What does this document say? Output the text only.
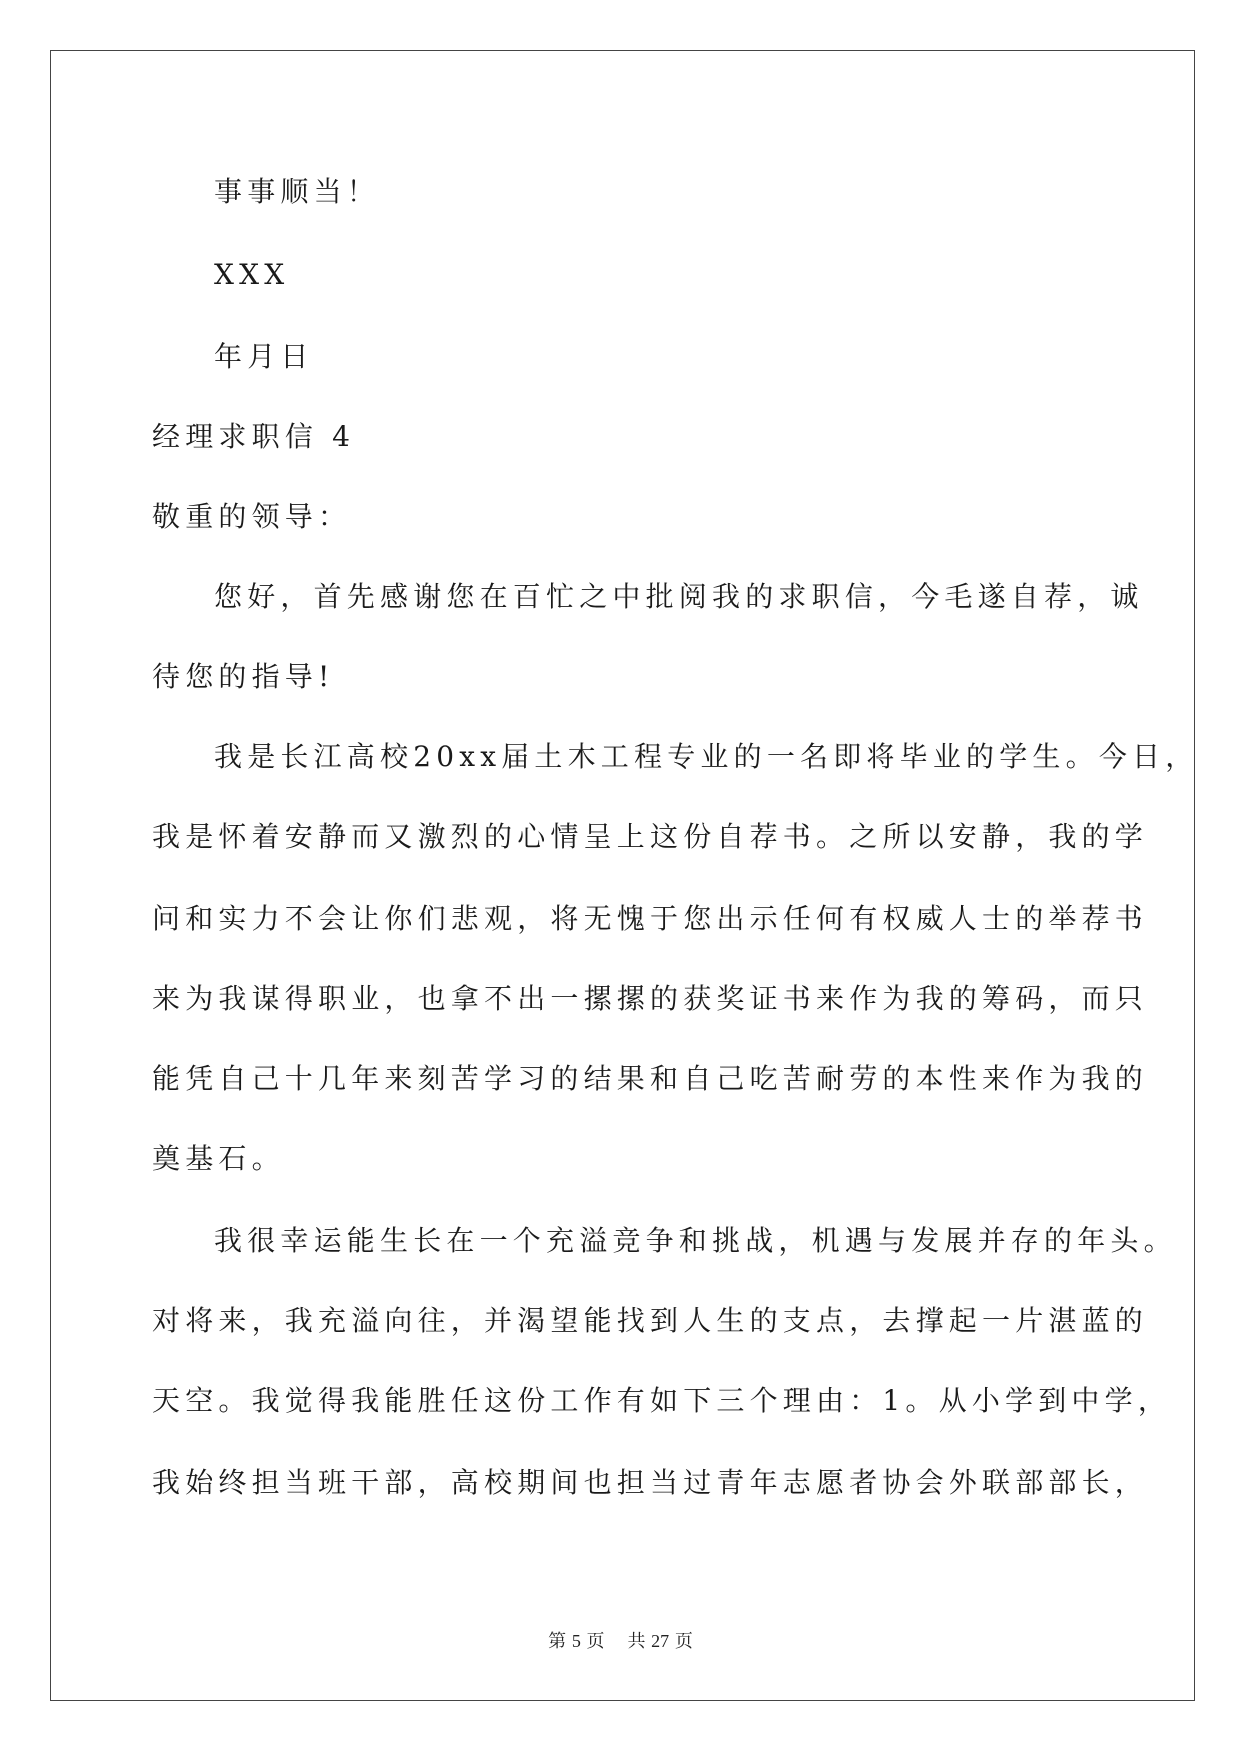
事事顺当！
XXX
年月日
经理求职信 4
敬重的领导：
您好，首先感谢您在百忙之中批阅我的求职信，今毛遂自荐，诚
待您的指导!
我是长江高校20xx届土木工程专业的一名即将毕业的学生。今日，
我是怀着安静而又激烈的心情呈上这份自荐书。之所以安静，我的学
问和实力不会让你们悲观，将无愧于您出示任何有权威人士的举荐书
来为我谋得职业，也拿不出一摞摞的获奖证书来作为我的筹码，而只
能凭自己十几年来刻苦学习的结果和自己吃苦耐劳的本性来作为我的
奠基石。
我很幸运能生长在一个充溢竞争和挑战，机遇与发展并存的年头。
对将来，我充溢向往，并渴望能找到人生的支点，去撑起一片湛蓝的
天空。我觉得我能胜任这份工作有如下三个理由：1。从小学到中学，
我始终担当班干部，高校期间也担当过青年志愿者协会外联部部长，
第 5 页 共 27 页
